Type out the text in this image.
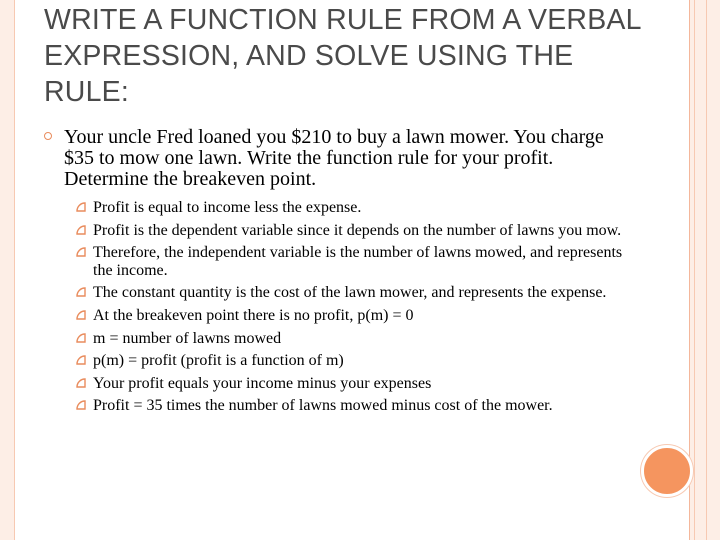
WRITE A FUNCTION RULE FROM A VERBAL EXPRESSION, AND SOLVE USING THE RULE:
Your uncle Fred loaned you $210 to buy a lawn mower. You charge $35 to mow one lawn. Write the function rule for your profit. Determine the breakeven point.
Profit is equal to income less the expense.
Profit is the dependent variable since it depends on the number of lawns you mow.
Therefore, the independent variable is the number of lawns mowed, and represents the income.
The constant quantity is the cost of the lawn mower, and represents the expense.
At the breakeven point there is no profit, p(m) = 0
m = number of lawns mowed
p(m) = profit (profit is a function of m)
Your profit equals your income minus your expenses
Profit = 35 times the number of lawns mowed minus cost of the mower.
